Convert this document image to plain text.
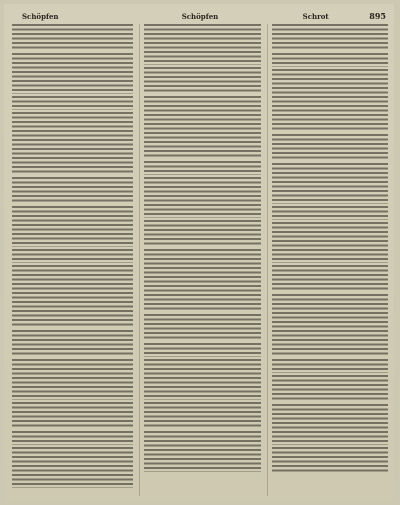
Schöpfen	Schöpfen	Schrot	895
